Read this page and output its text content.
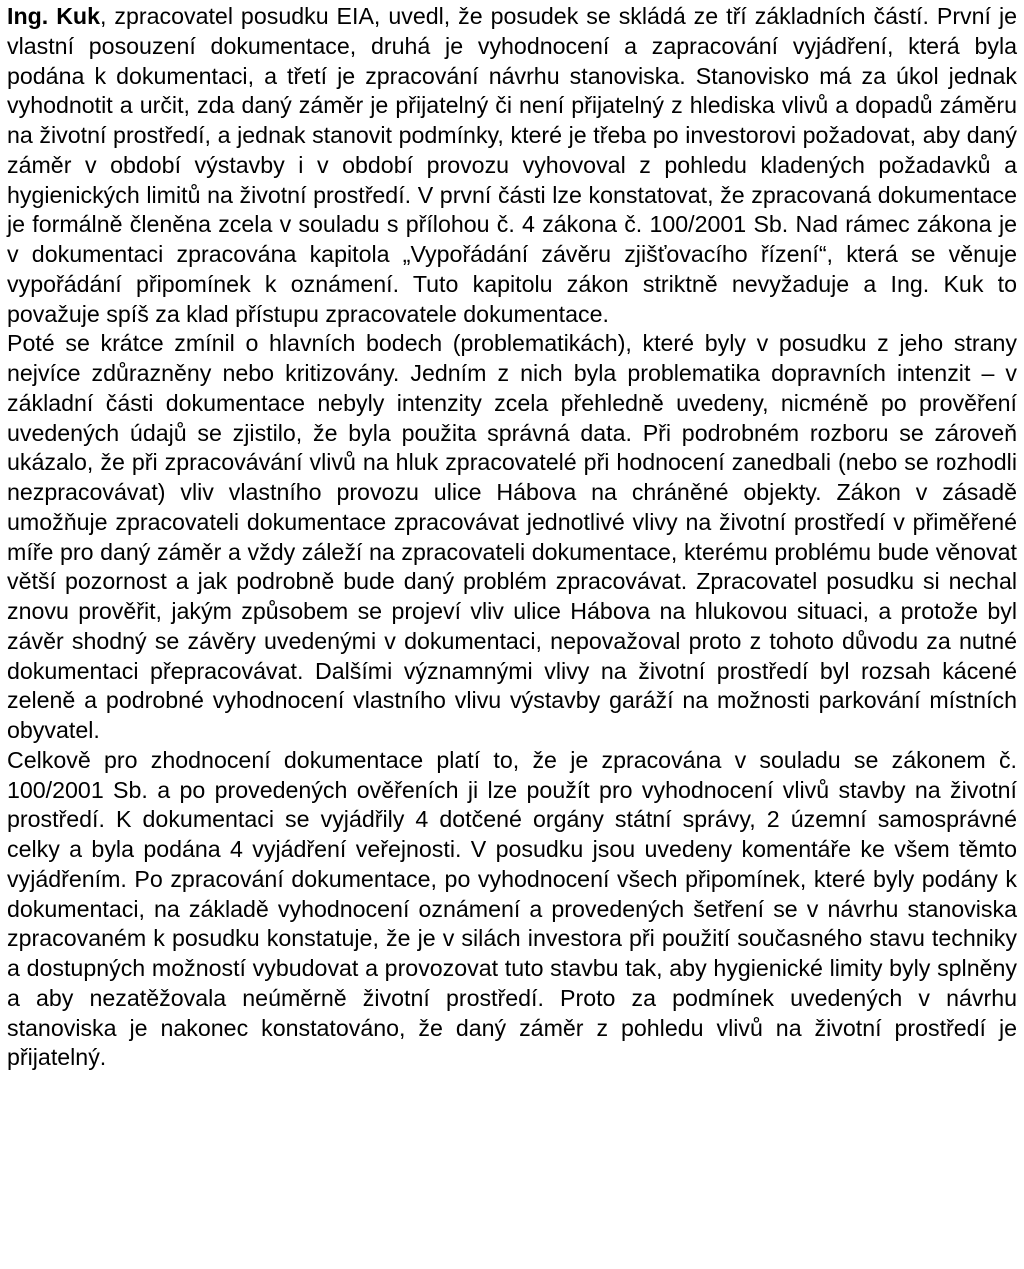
Ing. Kuk, zpracovatel posudku EIA, uvedl, že posudek se skládá ze tří základních částí. První je vlastní posouzení dokumentace, druhá je vyhodnocení a zapracování vyjádření, která byla podána k dokumentaci, a třetí je zpracování návrhu stanoviska. Stanovisko má za úkol jednak vyhodnotit a určit, zda daný záměr je přijatelný či není přijatelný z hlediska vlivů a dopadů záměru na životní prostředí, a jednak stanovit podmínky, které je třeba po investorovi požadovat, aby daný záměr v období výstavby i v období provozu vyhovoval z pohledu kladených požadavků a hygienických limitů na životní prostředí. V první části lze konstatovat, že zpracovaná dokumentace je formálně členěna zcela v souladu s přílohou č. 4 zákona č. 100/2001 Sb. Nad rámec zákona je v dokumentaci zpracována kapitola „Vypořádání závěru zjišťovacího řízení“, která se věnuje vypořádání připomínek k oznámení. Tuto kapitolu zákon striktně nevyžaduje a Ing. Kuk to považuje spíš za klad přístupu zpracovatele dokumentace.

Poté se krátce zmínil o hlavních bodech (problematikách), které byly v posudku z jeho strany nejvíce zdůrazněny nebo kritizovány. Jedním z nich byla problematika dopravních intenzit – v základní části dokumentace nebyly intenzity zcela přehledně uvedeny, nicméně po prověření uvedených údajů se zjistilo, že byla použita správná data. Při podrobném rozboru se zároveň ukázalo, že při zpracovávání vlivů na hluk zpracovatelé při hodnocení zanedbali (nebo se rozhodli nezpracovávat) vliv vlastního provozu ulice Hábova na chráněné objekty. Zákon v zásadě umožňuje zpracovateli dokumentace zpracovávat jednotlivé vlivy na životní prostředí v přiměřené míře pro daný záměr a vždy záleží na zpracovateli dokumentace, kterému problému bude věnovat větší pozornost a jak podrobně bude daný problém zpracovávat. Zpracovatel posudku si nechal znovu prověřit, jakým způsobem se projeví vliv ulice Hábova na hlukovou situaci, a protože byl závěr shodný se závěry uvedenými v dokumentaci, nepovažoval proto z tohoto důvodu za nutné dokumentaci přepracovávat. Dalšími významnými vlivy na životní prostředí byl rozsah kácené zeleně a podrobné vyhodnocení vlastního vlivu výstavby garáží na možnosti parkování místních obyvatel.

Celkově pro zhodnocení dokumentace platí to, že je zpracována v souladu se zákonem č. 100/2001 Sb. a po provedených ověřeních ji lze použít pro vyhodnocení vlivů stavby na životní prostředí. K dokumentaci se vyjádřily 4 dotčené orgány státní správy, 2 územní samosprávné celky a byla podána 4 vyjádření veřejnosti. V posudku jsou uvedeny komentáře ke všem těmto vyjádřením. Po zpracování dokumentace, po vyhodnocení všech připomínek, které byly podány k dokumentaci, na základě vyhodnocení oznámení a provedených šetření se v návrhu stanoviska zpracovaném k posudku konstatuje, že je v silách investora při použití současného stavu techniky a dostupných možností vybudovat a provozovat tuto stavbu tak, aby hygienické limity byly splněny a aby nezatěžovala neúměrně životní prostředí. Proto za podmínek uvedených v návrhu stanoviska je nakonec konstatováno, že daný záměr z pohledu vlivů na životní prostředí je přijatelný.
